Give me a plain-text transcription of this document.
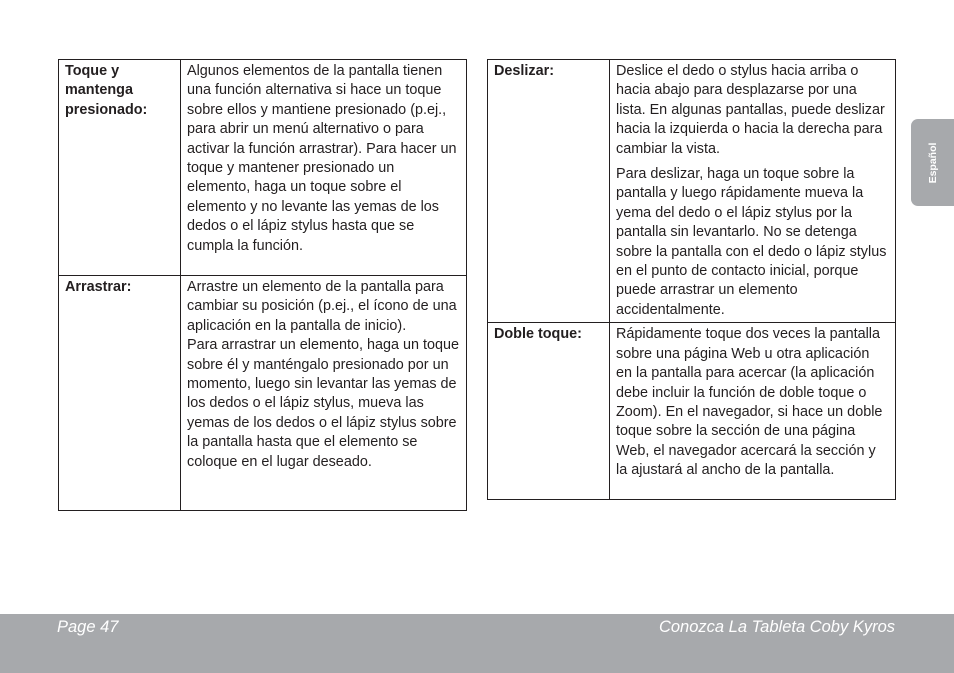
Toque y mantenga presionado:	Algunos elementos de la pantalla tienen una función alternativa si hace un toque sobre ellos y mantiene presionado (p.ej., para abrir un menú alternativo o para activar la función arrastrar). Para hacer un toque y mantener presionado un elemento, haga un toque sobre el elemento y no levante las yemas de los dedos o el lápiz stylus hasta que se cumpla la función.

Arrastrar:	Arrastre un elemento de la pantalla para cambiar su posición (p.ej., el ícono de una aplicación en la pantalla de inicio).

Para arrastrar un elemento, haga un toque sobre él y manténgalo presionado por un momento, luego sin levantar las yemas de los dedos o el lápiz stylus, mueva las yemas de los dedos o el lápiz stylus sobre la pantalla hasta que el elemento se coloque en el lugar deseado.

Deslizar:	Deslice el dedo o stylus hacia arriba o hacia abajo para desplazarse por una lista. En algunas pantallas, puede deslizar hacia la izquierda o hacia la derecha para cambiar la vista.

Para deslizar, haga un toque sobre la pantalla y luego rápidamente mueva la yema del dedo o el lápiz stylus por la pantalla sin levantarlo. No se detenga sobre la pantalla con el dedo o lápiz stylus en el punto de contacto inicial, porque puede arrastrar un elemento accidentalmente.

Doble toque:	Rápidamente toque dos veces la pantalla sobre una página Web u otra aplicación en la pantalla para acercar (la aplicación debe incluir la función de doble toque o Zoom). En el navegador, si hace un doble toque sobre la sección de una página Web, el navegador acercará la sección y la ajustará al ancho de la pantalla.

Español
Page 47	Conozca La Tableta Coby Kyros
